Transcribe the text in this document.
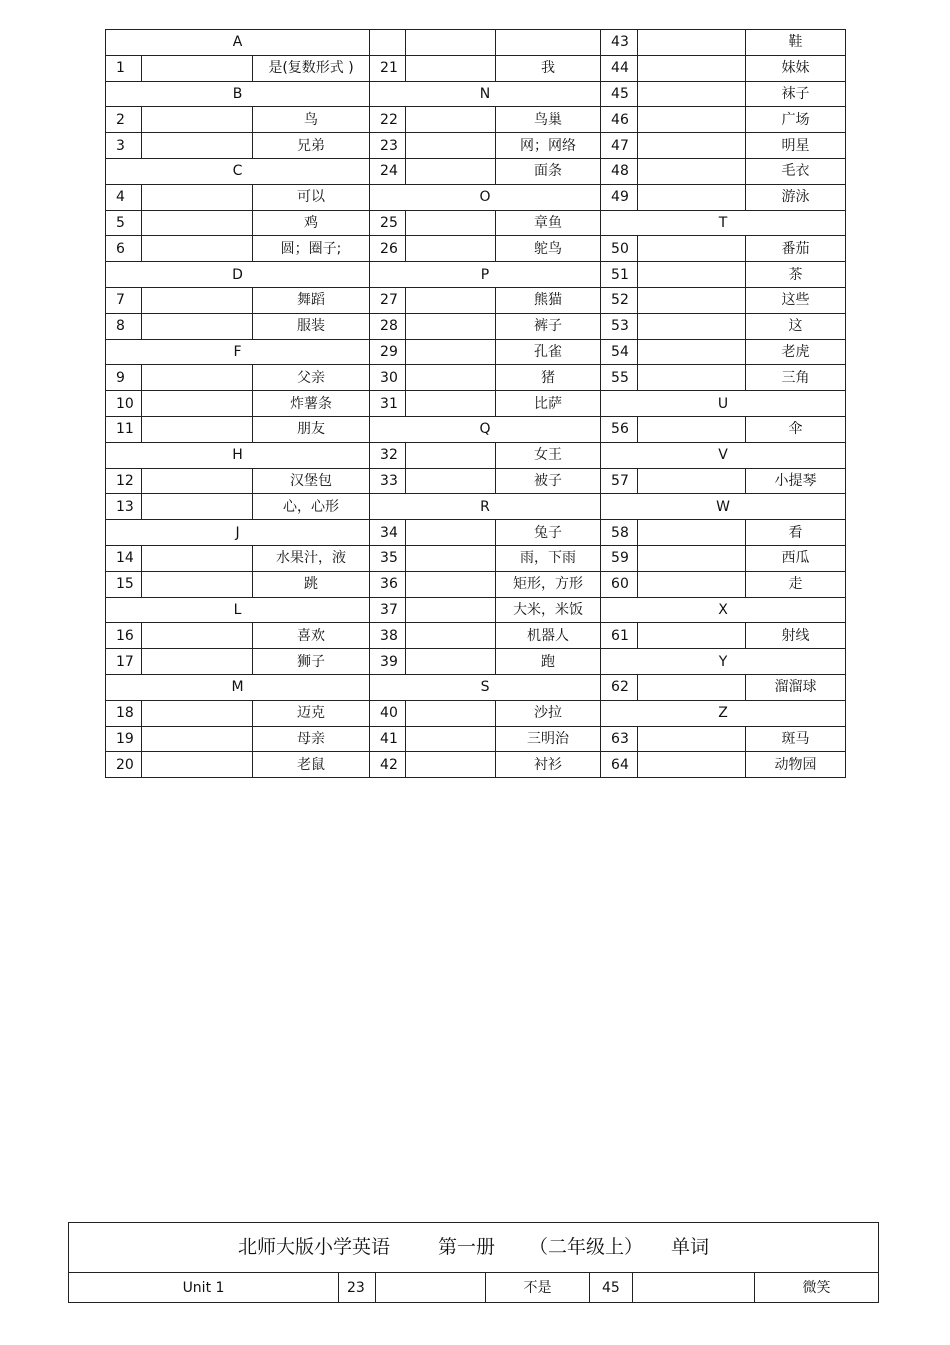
A						43		鞋
1		是(复数形式 )	21		我	44		妹妹
B			N			45		袜子
2		鸟	22		鸟巢	46		广场
3		兄弟	23		网；网络	47		明星
C			24		面条	48		毛衣
4		可以	O			49		游泳
5		鸡	25		章鱼	T		
6		圆；圈子;	26		鸵鸟	50		番茄
D			P			51		茶
7		舞蹈	27		熊猫	52		这些
8		服装	28		裤子	53		这
F			29		孔雀	54		老虎
9		父亲	30		猪	55		三角
10		炸薯条	31		比萨	U		
11		朋友	Q			56		伞
H			32		女王	V		
12		汉堡包	33		被子	57		小提琴
13		心，心形	R			W		
J			34		兔子	58		看
14		水果汁，液	35		雨，下雨	59		西瓜
15		跳	36		矩形，方形	60		走
L			37		大米，米饭	X		
16		喜欢	38		机器人	61		射线
17		狮子	39		跑	Y		
M			S			62		溜溜球
18		迈克	40		沙拉	Z		
19		母亲	41		三明治	63		斑马
20		老鼠	42		衬衫	64		动物园
北师大版小学英语	第一册 （二年级上） 单词
Unit 1	23		不是	45		微笑
